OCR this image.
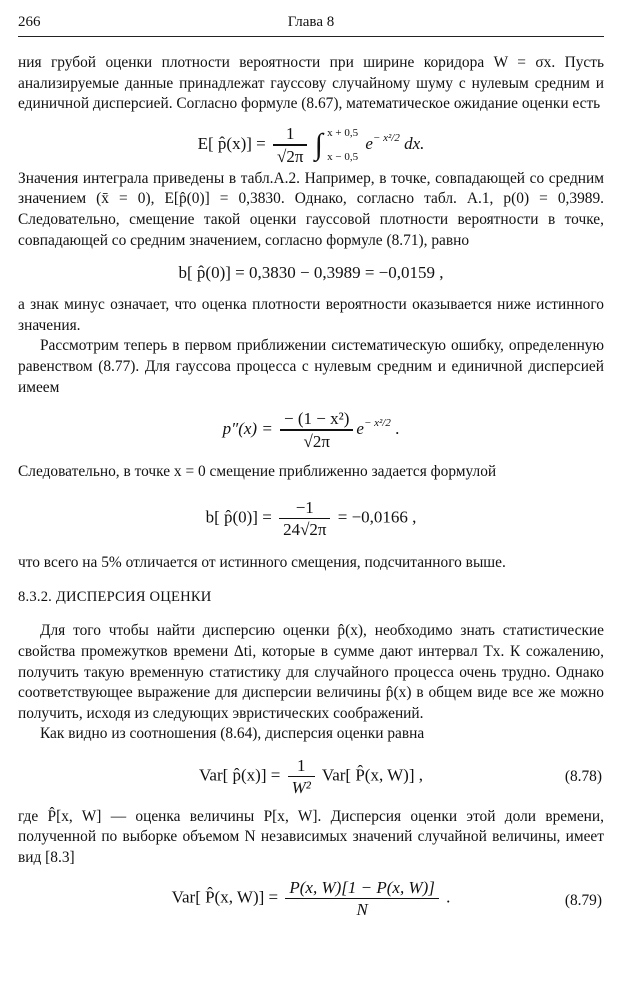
266	Глава 8

ния грубой оценки плотности вероятности при ширине коридора W = σx. Пусть анализируемые данные принадлежат гауссову случайному шуму с нулевым средним и единичной дисперсией. Согласно формуле (8.67), математическое ожидание оценки есть

E[ p̂(x)] = $\frac{1}{√2\pi}$ ∫ x + 0,5
x − 0,5
$e^{- x^2/2}$ dx.

Значения интеграла приведены в табл.А.2. Например, в точке, совпадающей со средним значением (x̄ = 0), E[p̂(0)] = 0,3830. Однако, согласно табл. А.1, p(0) = 0,3989. Следовательно, смещение такой оценки гауссовой плотности вероятности в точке, совпадающей со средним значением, согласно формуле (8.71), равно

b[ p̂(0)] = 0,3830 − 0,3989 = −0,0159 ,

а знак минус означает, что оценка плотности вероятности оказывается ниже истинного значения.

Рассмотрим теперь в первом приближении систематическую ошибку, определенную равенством (8.77). Для гауссова процесса с нулевым средним и единичной дисперсией имеем

$p''(x) = \frac{\text{− (1 − x²)}}{√2\pi} e^{- x^2/2}$ .

Следовательно, в точке x = 0 смещение приближенно задается формулой

b[ p̂(0)] = $\frac{-1}{24√2\pi} = -0,0166$ ,

что всего на 5% отличается от истинного смещения, подсчитанного выше.

8.3.2. ДИСПЕРСИЯ ОЦЕНКИ

Для того чтобы найти дисперсию оценки p̂(x), необходимо знать статистические свойства промежутков времени Δti, которые в сумме дают интервал Tx. К сожалению, получить такую временную статистику для случайного процесса очень трудно. Однако соответствующее выражение для дисперсии величины p̂(x) в общем виде все же можно получить, исходя из следующих эвристических соображений.

Как видно из соотношения (8.64), дисперсия оценки равна

Var[ p̂(x)] = $\frac{1}{\text{W²}} Var$[ P̂(x, W)] ,	(8.78)

где P̂[x, W] — оценка величины P[x, W]. Дисперсия оценки этой доли времени, полученной по выборке объемом N независимых значений случайной величины, имеет вид [8.3]

Var[ P̂(x, $W)] = \frac{P(x, W)[1 - P(x, W)]}{N}$ .	(8.79)
